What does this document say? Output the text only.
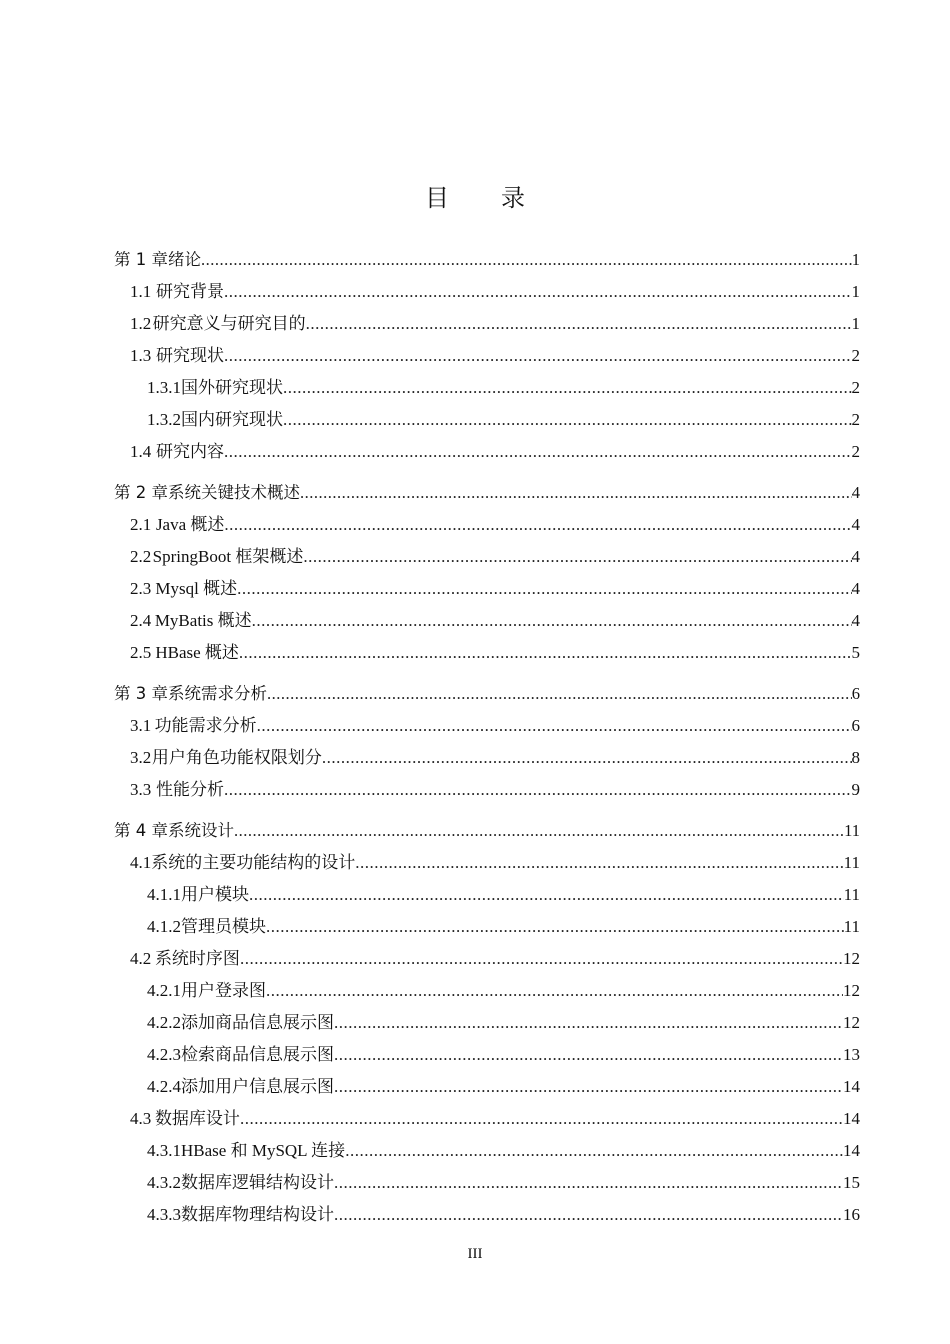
目 录
第 1 章 绪论 .....	1
1.1 研究背景 .....	1
1.2 研究意义与研究目的 .....	1
1.3 研究现状 .....	2
1.3.1 国外研究现状 .....	2
1.3.2 国内研究现状 .....	2
1.4 研究内容 .....	2
第 2 章 系统关键技术概述 .....	4
2.1 Java 概述 .....	4
2.2 SpringBoot 框架概述 .....	4
2.3 Mysql 概述 .....	4
2.4 MyBatis 概述 .....	4
2.5 HBase 概述 .....	5
第 3 章 系统需求分析 .....	6
3.1 功能需求分析 .....	6
3.2 用户角色功能权限划分 .....	8
3.3 性能分析 .....	9
第 4 章 系统设计 .....	11
4.1 系统的主要功能结构的设计 .....	11
4.1.1 用户模块 .....	11
4.1.2 管理员模块 .....	11
4.2 系统时序图 .....	12
4.2.1 用户登录图 .....	12
4.2.2 添加商品信息展示图 .....	12
4.2.3 检索商品信息展示图 .....	13
4.2.4 添加用户信息展示图 .....	14
4.3 数据库设计 .....	14
4.3.1 HBase 和 MySQL 连接 .....	14
4.3.2 数据库逻辑结构设计 .....	15
4.3.3 数据库物理结构设计 .....	16
III
